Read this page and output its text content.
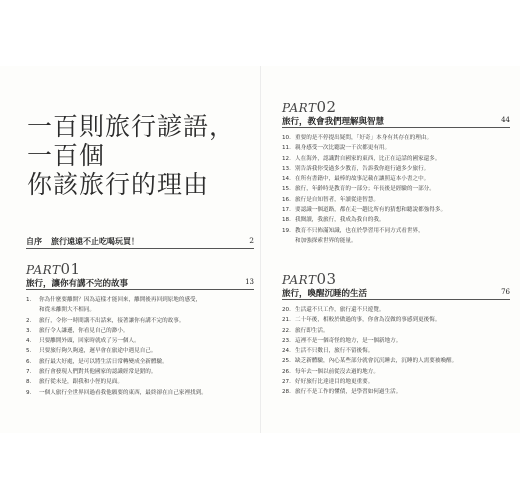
一百則旅行諺語，
一百個
你該旅行的理由
自序 旅行遠遠不止吃喝玩買！	2
PART01
旅行，讓你有講不完的故事	13
1. 你為什麼要離開？因為這樣才能回來，離開後再回到原地的感受，
和從未離開大不相同。
2. 旅行，令你一時間講不出話來，接著讓你有講不完的故事。
3. 旅行令人謙遜，你看見自己的渺小。
4. 只要離開外頭，回家時就成了另一個人。
5. 只要旅行夠久夠遠，遲早會在旅途中遇見自己。
6. 旅行最大好處，是可以將生活日常轉變成全新體驗。
7. 旅行會發現人們對其他國家的認識經常是錯的。
8. 旅行從未是，跟我和小徑的見面。
9. 一個人旅行全世界回過看我他願要的東西，最終卻在自己家裡找到。
PART02
旅行，教會我們理解與智慧	44
10. 重要的是不停提出疑問，「好奇」本身有其存在的理由。
11. 親身感受一次比聽說一千次都更有用。
12. 人在海外，認識對自國家的東西，比正在這話的國家還多。
13. 別告訴我你受過多少教育，告訴我你進行過多少旅行。
14. 在所有書籍中，最棒的故事記載在讓照這本小書之中。
15. 旅行，年齡時是教育的一部分；年長後是經驗的一部分。
16. 旅行是自知智者，年讀從達智慧。
17. 要認識一個道路，都在走一趟比所有的猜想和聽說都強得多。
18. 我閱讀，我旅行，我成為我自的我。
19. 教育不只佈滿知識，也在於學習用不同方式看世界，
和加強探索世界的能量。
PART03
旅行，喚醒沉睡的生活	76
20. 生活還不只工作，旅行還不只遊覽。
21. 二十年後，相較於做過的事，你會為沒做的事感到更後悔。
22. 旅行即生活。
23. 這裡不是一個奇怪的地方，是一個新地方。
24. 生活不只數日，旅行不留後悔。
25. 缺乏新體驗，內心某些部分就會沉沉睡去，沉睡的人需要被喚醒。
26. 每年去一個以前從沒去過的地方。
27. 好好旅行比達達目的地更重要。
28. 旅行不是工作的懂債，是學習如何過生活。
